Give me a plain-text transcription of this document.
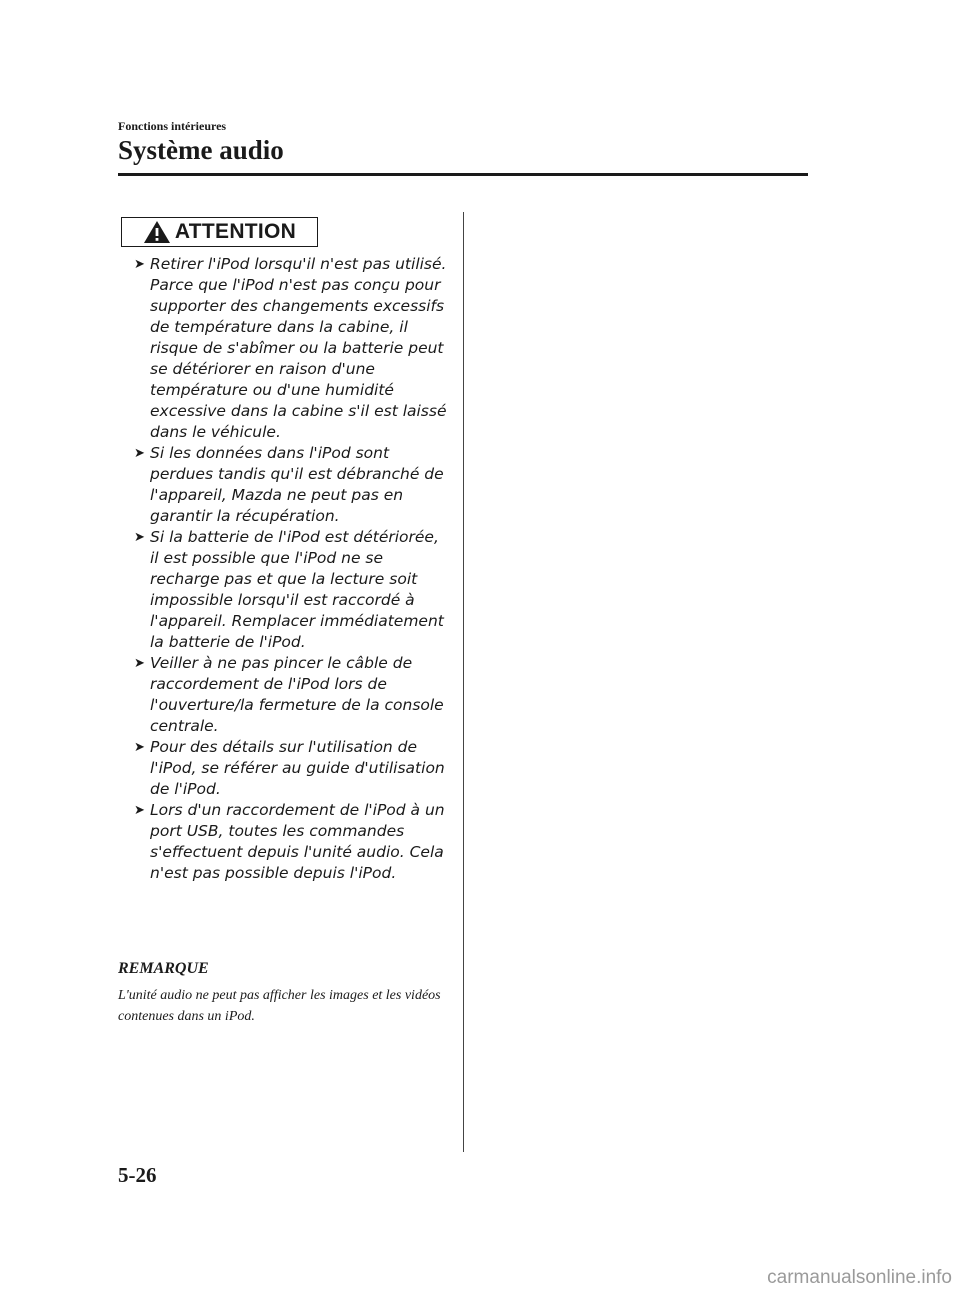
Fonctions intérieures
Système audio
ATTENTION
➤ Retirer l'iPod lorsqu'il n'est pas utilisé. Parce que l'iPod n'est pas conçu pour supporter des changements excessifs de température dans la cabine, il risque de s'abîmer ou la batterie peut se détériorer en raison d'une température ou d'une humidité excessive dans la cabine s'il est laissé dans le véhicule.
➤ Si les données dans l'iPod sont perdues tandis qu'il est débranché de l'appareil, Mazda ne peut pas en garantir la récupération.
➤ Si la batterie de l'iPod est détériorée, il est possible que l'iPod ne se recharge pas et que la lecture soit impossible lorsqu'il est raccordé à l'appareil. Remplacer immédiatement la batterie de l'iPod.
➤ Veiller à ne pas pincer le câble de raccordement de l'iPod lors de l'ouverture/la fermeture de la console centrale.
➤ Pour des détails sur l'utilisation de l'iPod, se référer au guide d'utilisation de l'iPod.
➤ Lors d'un raccordement de l'iPod à un port USB, toutes les commandes s'effectuent depuis l'unité audio. Cela n'est pas possible depuis l'iPod.
REMARQUE

L'unité audio ne peut pas afficher les images et les vidéos contenues dans un iPod.

5-26
carmanualsonline.info
